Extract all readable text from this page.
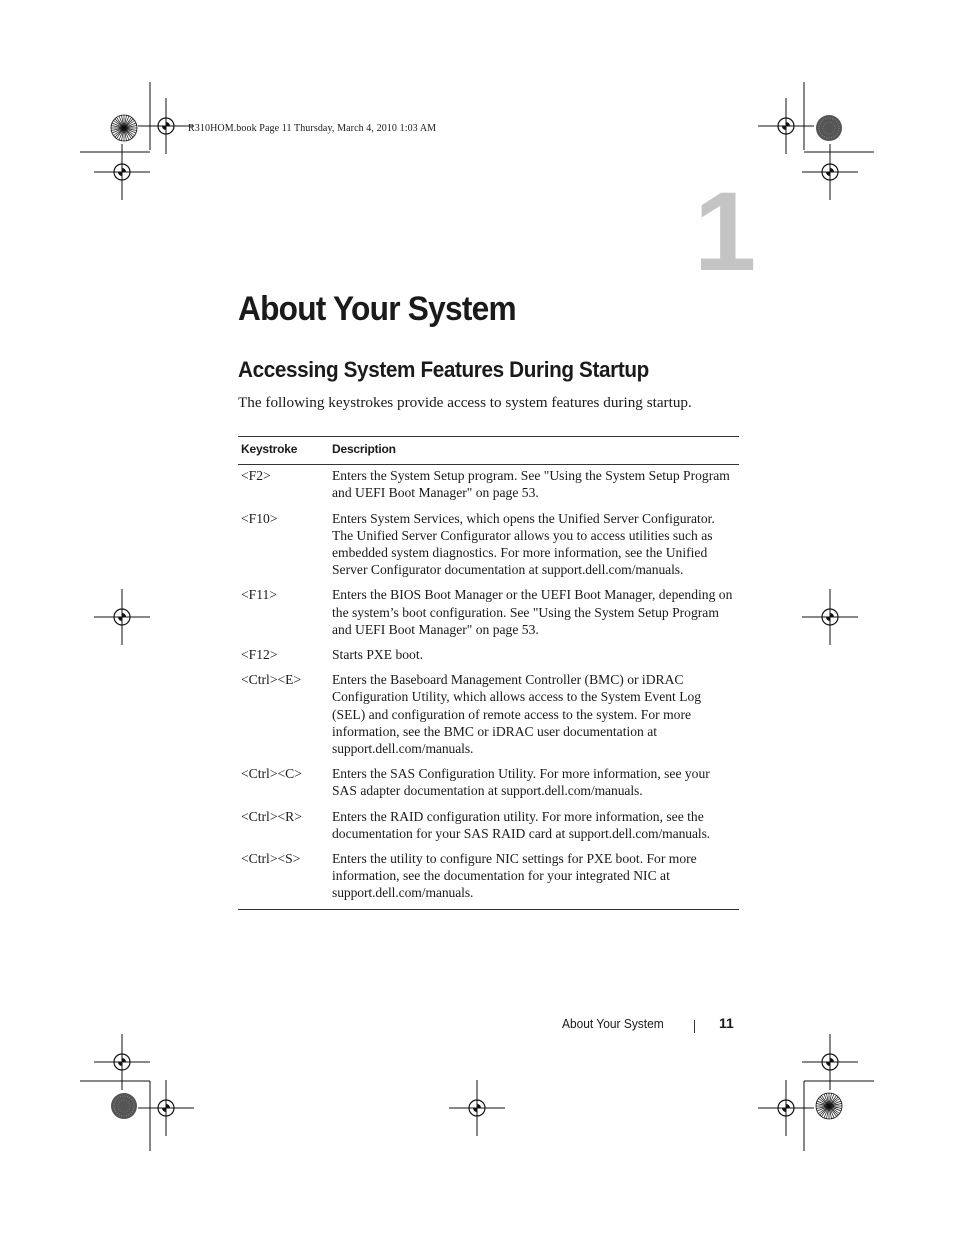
R310HOM.book Page 11 Thursday, March 4, 2010 1:03 AM
1
About Your System
Accessing System Features During Startup

The following keystrokes provide access to system features during startup.

Keystroke	Description
<F2>	Enters the System Setup program. See "Using the System Setup Program and UEFI Boot Manager" on page 53.
<F10>	Enters System Services, which opens the Unified Server Configurator. The Unified Server Configurator allows you to access utilities such as embedded system diagnostics. For more information, see the Unified Server Configurator documentation at support.dell.com/manuals.
<F11>	Enters the BIOS Boot Manager or the UEFI Boot Manager, depending on the system’s boot configuration. See "Using the System Setup Program and UEFI Boot Manager" on page 53.
<F12>	Starts PXE boot.
<Ctrl><E>	Enters the Baseboard Management Controller (BMC) or iDRAC Configuration Utility, which allows access to the System Event Log (SEL) and configuration of remote access to the system. For more information, see the BMC or iDRAC user documentation at support.dell.com/manuals.
<Ctrl><C>	Enters the SAS Configuration Utility. For more information, see your SAS adapter documentation at support.dell.com/manuals.
<Ctrl><R>	Enters the RAID configuration utility. For more information, see the documentation for your SAS RAID card at support.dell.com/manuals.
<Ctrl><S>	Enters the utility to configure NIC settings for PXE boot. For more information, see the documentation for your integrated NIC at support.dell.com/manuals.
About Your System	11
